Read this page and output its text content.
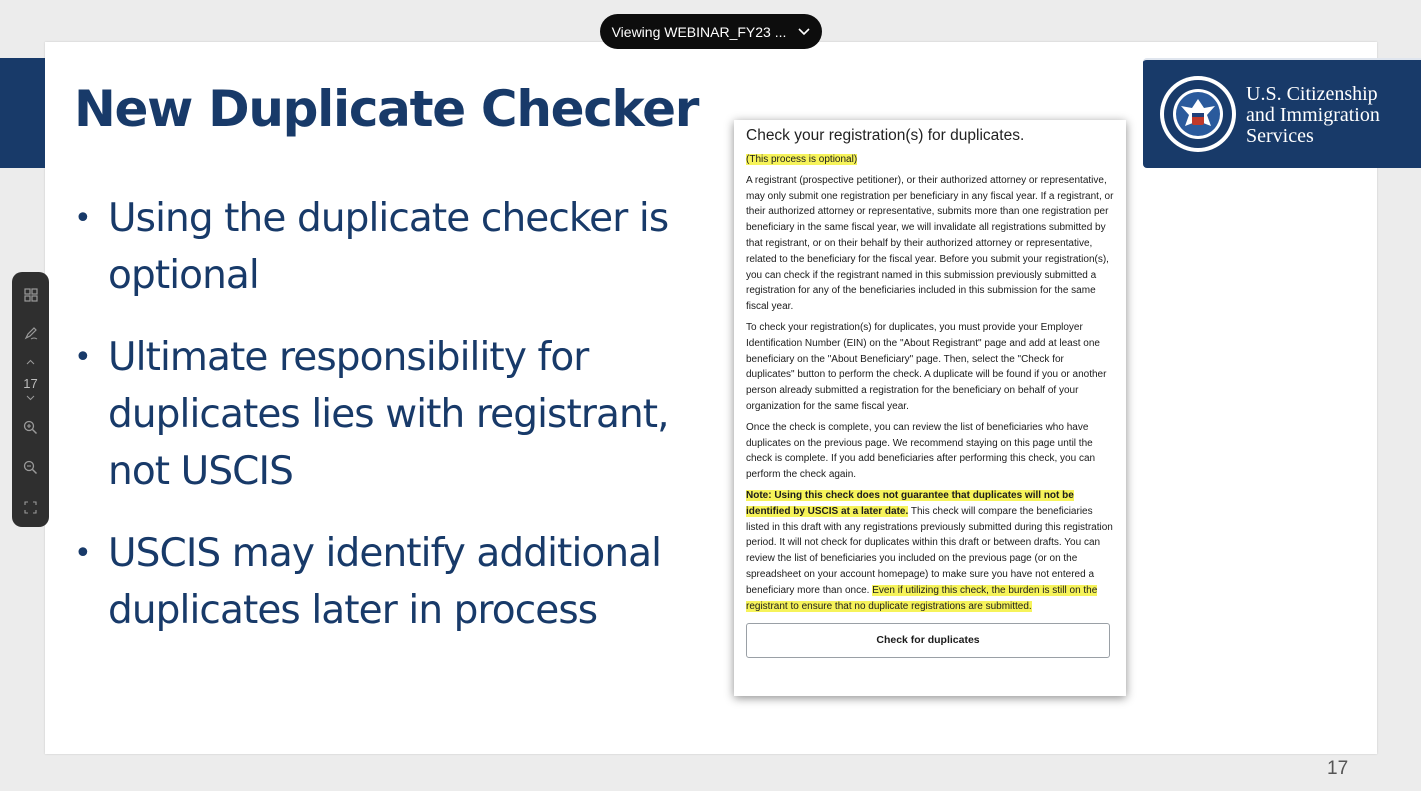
U.S. Citizenship
and Immigration
Services
New Duplicate Checker
• Using the duplicate checker is optional
• Ultimate responsibility for duplicates lies with registrant, not USCIS
• USCIS may identify additional duplicates later in process
Check your registration(s) for duplicates.

(This process is optional)

A registrant (prospective petitioner), or their authorized attorney or representative, may only submit one registration per beneficiary in any fiscal year. If a registrant, or their authorized attorney or representative, submits more than one registration per beneficiary in the same fiscal year, we will invalidate all registrations submitted by that registrant, or on their behalf by their authorized attorney or representative, related to the beneficiary for the fiscal year. Before you submit your registration(s), you can check if the registrant named in this submission previously submitted a registration for any of the beneficiaries included in this submission for the same fiscal year.

To check your registration(s) for duplicates, you must provide your Employer Identification Number (EIN) on the "About Registrant" page and add at least one beneficiary on the "About Beneficiary" page. Then, select the "Check for duplicates" button to perform the check. A duplicate will be found if you or another person already submitted a registration for the beneficiary on behalf of your organization for the same fiscal year.

Once the check is complete, you can review the list of beneficiaries who have duplicates on the previous page. We recommend staying on this page until the check is complete. If you add beneficiaries after performing this check, you can perform the check again.

Note: Using this check does not guarantee that duplicates will not be identified by USCIS at a later date. This check will compare the beneficiaries listed in this draft with any registrations previously submitted during this registration period. It will not check for duplicates within this draft or between drafts. You can review the list of beneficiaries you included on the previous page (or on the spreadsheet on your account homepage) to make sure you have not entered a beneficiary more than once. Even if utilizing this check, the burden is still on the registrant to ensure that no duplicate registrations are submitted.

Check for duplicates
Viewing WEBINAR_FY23 ...
17
17
